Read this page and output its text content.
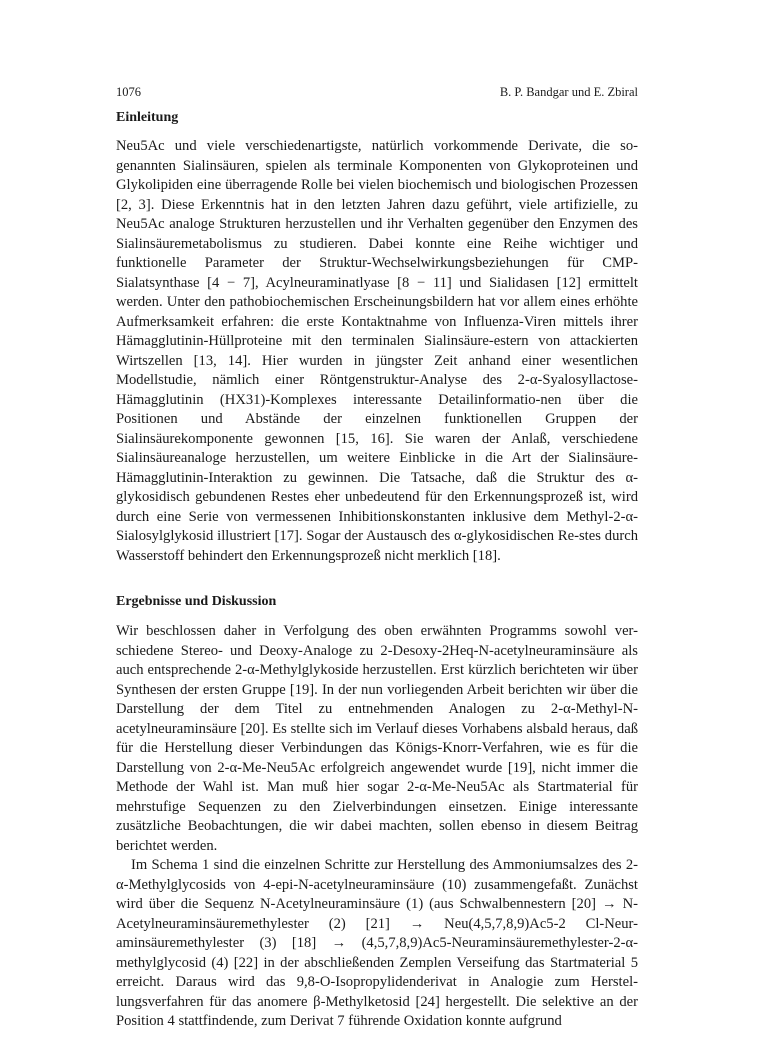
1076	B. P. Bandgar und E. Zbiral
Einleitung

Neu5Ac und viele verschiedenartigste, natürlich vorkommende Derivate, die so-genannten Sialinsäuren, spielen als terminale Komponenten von Glykoproteinen und Glykolipiden eine überragende Rolle bei vielen biochemisch und biologischen Prozessen [2, 3]. Diese Erkenntnis hat in den letzten Jahren dazu geführt, viele artifizielle, zu Neu5Ac analoge Strukturen herzustellen und ihr Verhalten gegenüber den Enzymen des Sialinsäuremetabolismus zu studieren. Dabei konnte eine Reihe wichtiger und funktionelle Parameter der Struktur-Wechselwirkungsbeziehungen für CMP-Sialatsynthase [4 − 7], Acylneuraminatlyase [8 − 11] und Sialidasen [12] ermittelt werden. Unter den pathobiochemischen Erscheinungsbildern hat vor allem eines erhöhte Aufmerksamkeit erfahren: die erste Kontaktnahme von Influenza-Viren mittels ihrer Hämagglutinin-Hüllproteine mit den terminalen Sialinsäure-estern von attackierten Wirtszellen [13, 14]. Hier wurden in jüngster Zeit anhand einer wesentlichen Modellstudie, nämlich einer Röntgenstruktur-Analyse des 2-α-Syalosyllactose-Hämagglutinin (HX31)-Komplexes interessante Detailinformatio-nen über die Positionen und Abstände der einzelnen funktionellen Gruppen der Sialinsäurekomponente gewonnen [15, 16]. Sie waren der Anlaß, verschiedene Sialinsäureanaloge herzustellen, um weitere Einblicke in die Art der Sialinsäure-Hämagglutinin-Interaktion zu gewinnen. Die Tatsache, daß die Struktur des α-glykosidisch gebundenen Restes eher unbedeutend für den Erkennungsprozeß ist, wird durch eine Serie von vermessenen Inhibitionskonstanten inklusive dem Methyl-2-α-Sialosylglykosid illustriert [17]. Sogar der Austausch des α-glykosidischen Re-stes durch Wasserstoff behindert den Erkennungsprozeß nicht merklich [18].

Ergebnisse und Diskussion

Wir beschlossen daher in Verfolgung des oben erwähnten Programms sowohl ver-schiedene Stereo- und Deoxy-Analoge zu 2-Desoxy-2Heq-N-acetylneuraminsäure als auch entsprechende 2-α-Methylglykoside herzustellen. Erst kürzlich berichteten wir über Synthesen der ersten Gruppe [19]. In der nun vorliegenden Arbeit berichten wir über die Darstellung der dem Titel zu entnehmenden Analogen zu 2-α-Methyl-N-acetylneuraminsäure [20]. Es stellte sich im Verlauf dieses Vorhabens alsbald heraus, daß für die Herstellung dieser Verbindungen das Königs-Knorr-Verfahren, wie es für die Darstellung von 2-α-Me-Neu5Ac erfolgreich angewendet wurde [19], nicht immer die Methode der Wahl ist. Man muß hier sogar 2-α-Me-Neu5Ac als Startmaterial für mehrstufige Sequenzen zu den Zielverbindungen einsetzen. Einige interessante zusätzliche Beobachtungen, die wir dabei machten, sollen ebenso in diesem Beitrag berichtet werden.

Im Schema 1 sind die einzelnen Schritte zur Herstellung des Ammoniumsalzes des 2-α-Methylglycosids von 4-epi-N-acetylneuraminsäure (10) zusammengefaßt. Zunächst wird über die Sequenz N-Acetylneuraminsäure (1) (aus Schwalbennestern [20] → N-Acetylneuraminsäuremethylester (2) [21] → Neu(4,5,7,8,9)Ac5-2 Cl-Neur-aminsäuremethylester (3) [18] → (4,5,7,8,9)Ac5-Neuraminsäuremethylester-2-α-methylglycosid (4) [22] in der abschließenden Zemplen Verseifung das Startmaterial 5 erreicht. Daraus wird das 9,8-O-Isopropylidenderivat in Analogie zum Herstel-lungsverfahren für das anomere β-Methylketosid [24] hergestellt. Die selektive an der Position 4 stattfindende, zum Derivat 7 führende Oxidation konnte aufgrund
